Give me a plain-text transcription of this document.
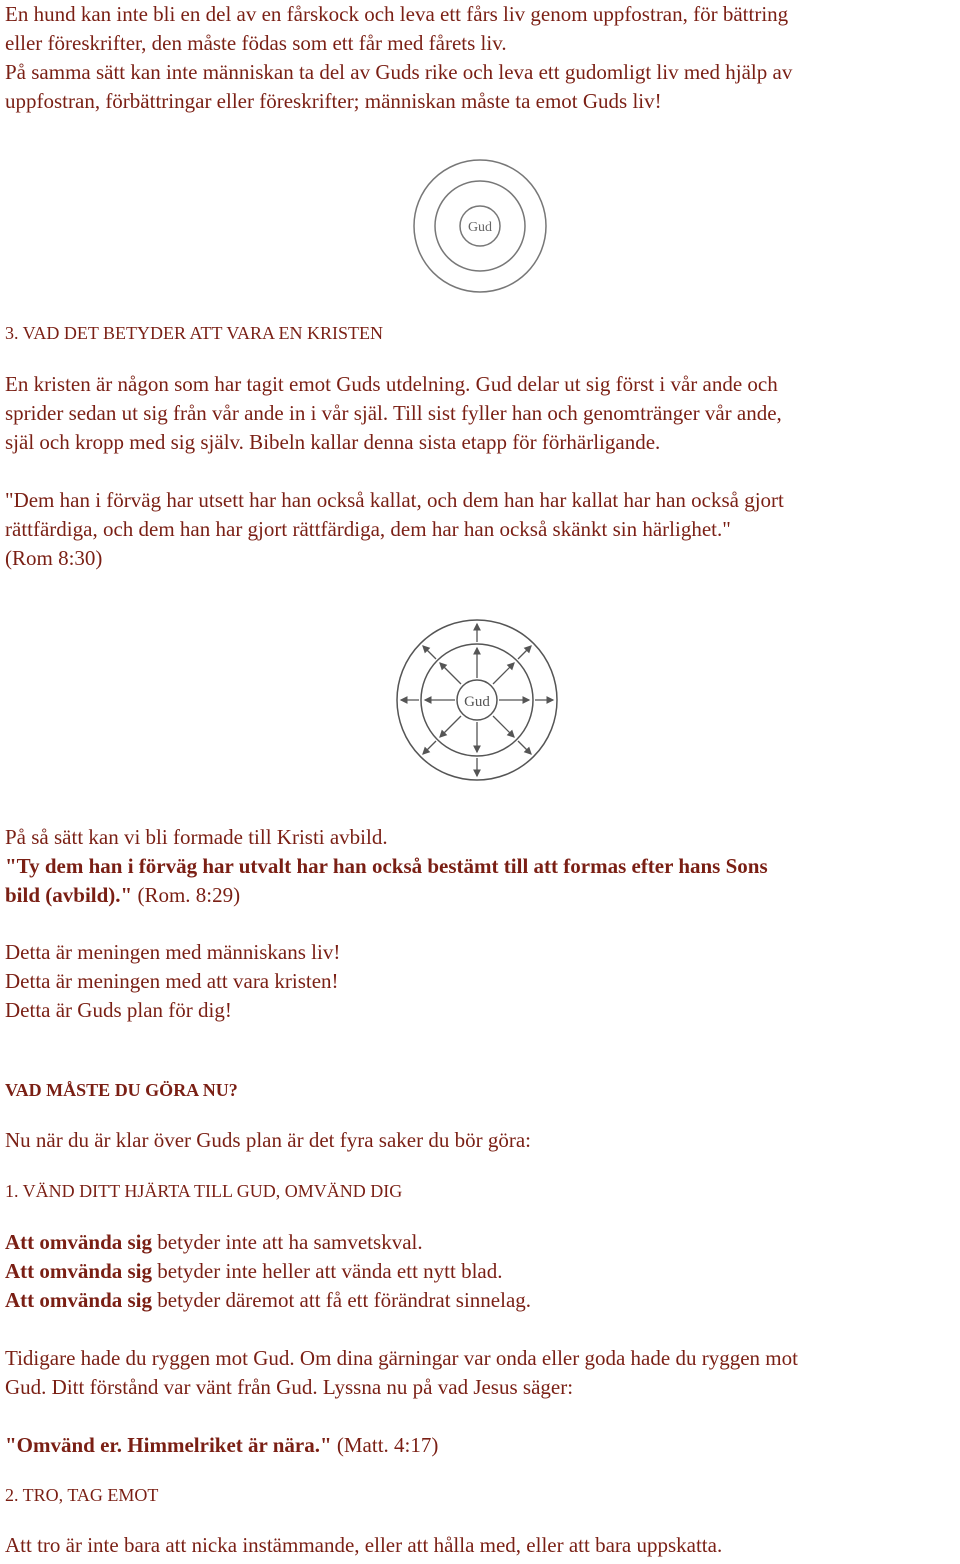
En hund kan inte bli en del av en fårskock och leva ett fårs liv genom uppfostran, för bättring
eller föreskrifter, den måste födas som ett får med fårets liv.
På samma sätt kan inte människan ta del av Guds rike och leva ett gudomligt liv med hjälp av
uppfostran, förbättringar eller föreskrifter; människan måste ta emot Guds liv!
Gud
3. VAD DET BETYDER ATT VARA EN KRISTEN
En kristen är någon som har tagit emot Guds utdelning. Gud delar ut sig först i vår ande och
sprider sedan ut sig från vår ande in i vår själ. Till sist fyller han och genomtränger vår ande,
själ och kropp med sig själv. Bibeln kallar denna sista etapp för förhärligande.
"Dem han i förväg har utsett har han också kallat, och dem han har kallat har han också gjort
rättfärdiga, och dem han har gjort rättfärdiga, dem har han också skänkt sin härlighet."
(Rom 8:30)
Gud
På så sätt kan vi bli formade till Kristi avbild.
"Ty dem han i förväg har utvalt har han också bestämt till att formas efter hans Sons
bild (avbild)." (Rom. 8:29)
Detta är meningen med människans liv!
Detta är meningen med att vara kristen!
Detta är Guds plan för dig!
VAD MÅSTE DU GÖRA NU?
Nu när du är klar över Guds plan är det fyra saker du bör göra:
1. VÄND DITT HJÄRTA TILL GUD, OMVÄND DIG
Att omvända sig betyder inte att ha samvetskval.
Att omvända sig betyder inte heller att vända ett nytt blad.
Att omvända sig betyder däremot att få ett förändrat sinnelag.
Tidigare hade du ryggen mot Gud. Om dina gärningar var onda eller goda hade du ryggen mot
Gud. Ditt förstånd var vänt från Gud. Lyssna nu på vad Jesus säger:
"Omvänd er. Himmelriket är nära." (Matt. 4:17)
2. TRO, TAG EMOT
Att tro är inte bara att nicka instämmande, eller att hålla med, eller att bara uppskatta.
